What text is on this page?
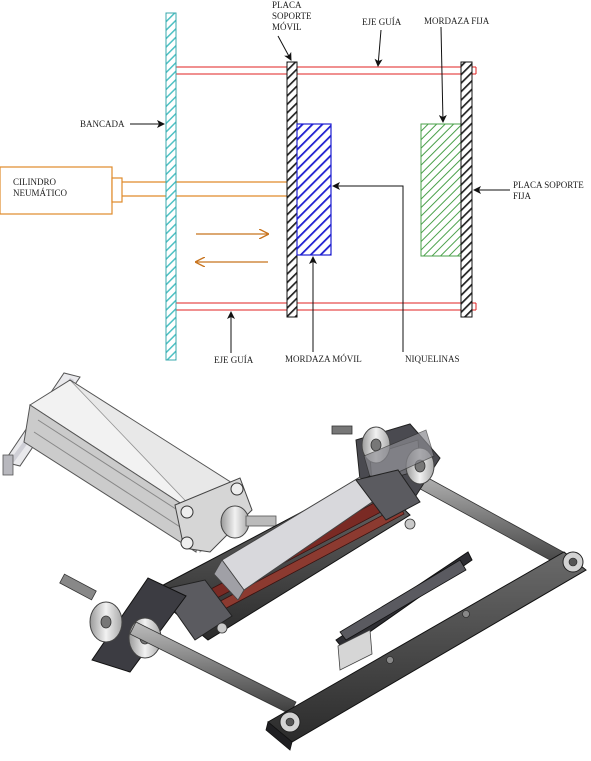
PLACA
SOPORTE
MÓVIL	EJE GUÍA	MORDAZA FIJA
BANCADA
CILINDRO
NEUMÁTICO
PLACA SOPORTE
FIJA
EJE GUÍA	MORDAZA MÓVIL	NIQUELINAS
